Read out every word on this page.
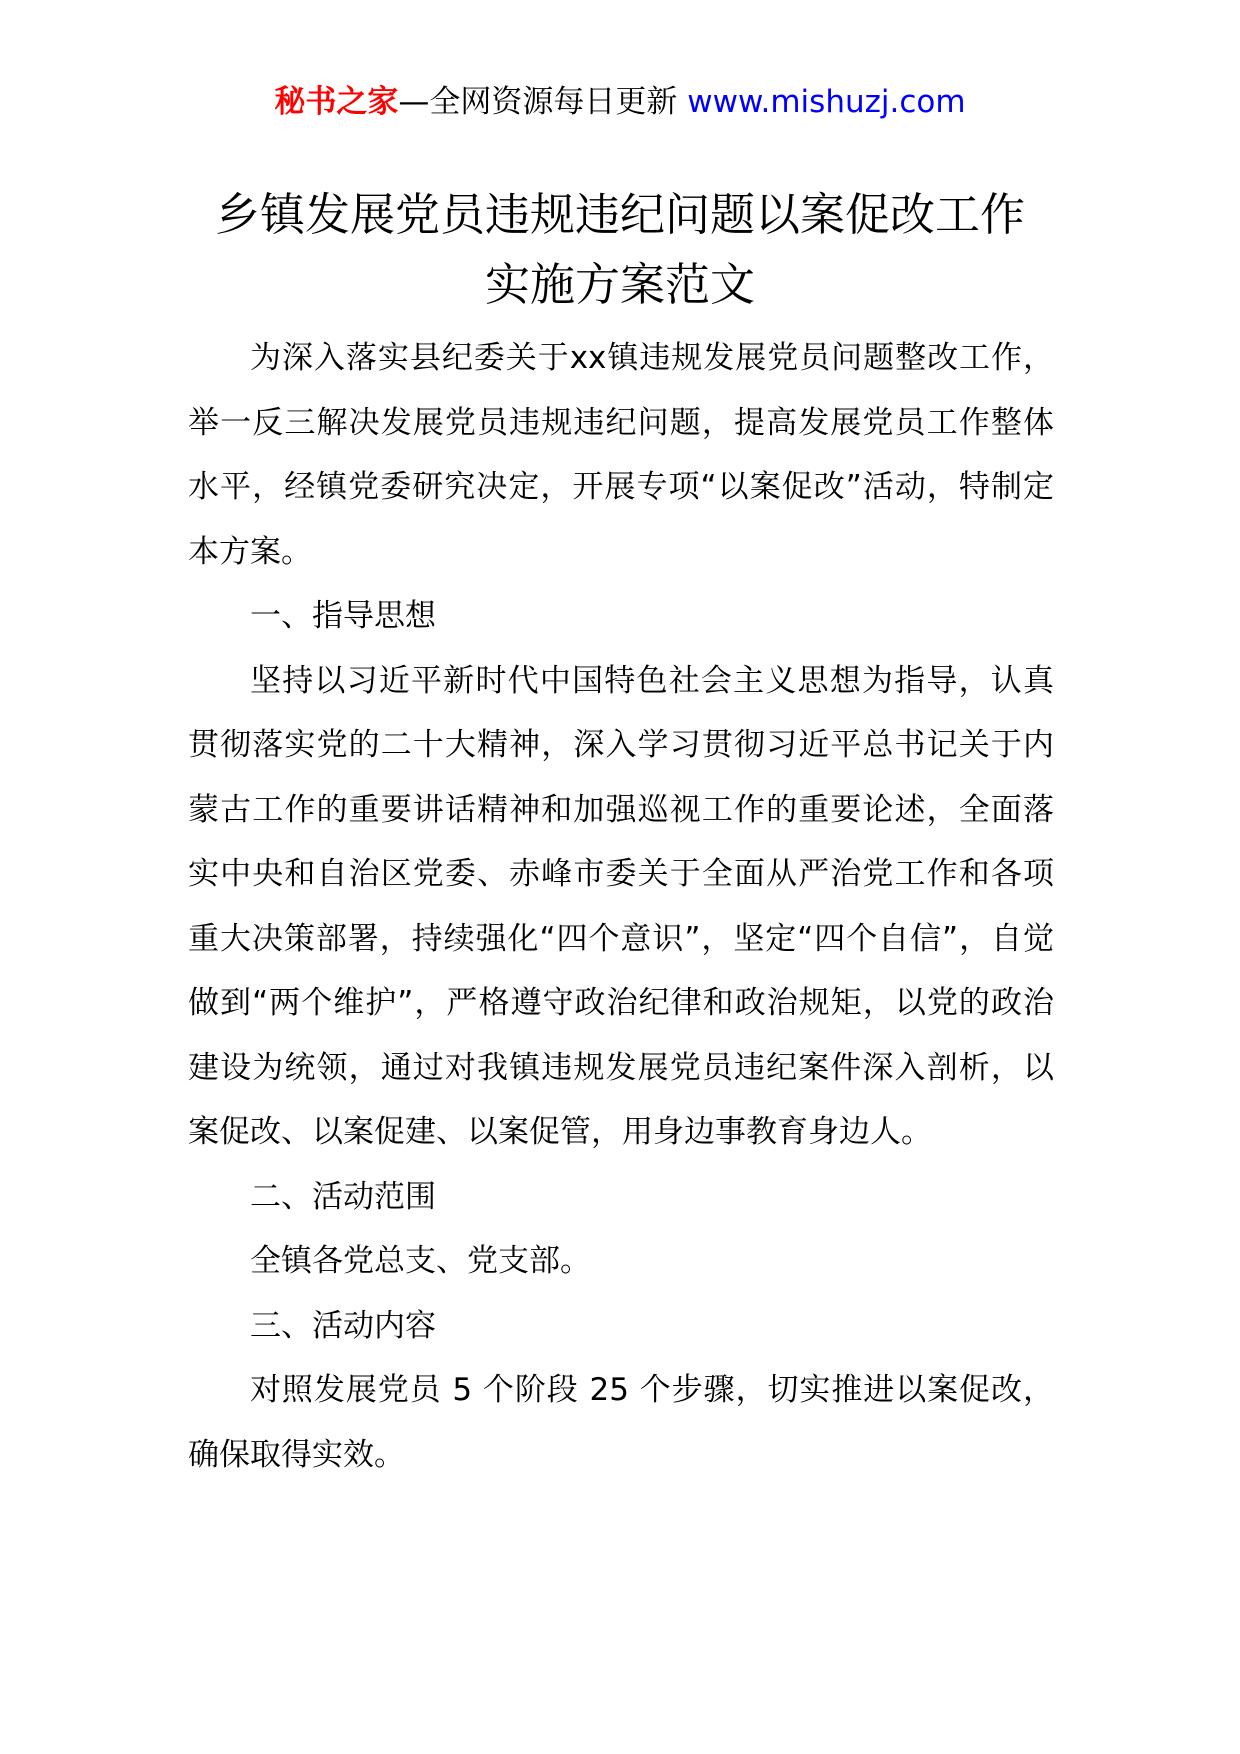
秘书之家—全网资源每日更新 www.mishuzj.com
乡镇发展党员违规违纪问题以案促改工作
实施方案范文

为深入落实县纪委关于xx镇违规发展党员问题整改工作，举一反三解决发展党员违规违纪问题，提高发展党员工作整体水平，经镇党委研究决定，开展专项“以案促改”活动，特制定本方案。

一、指导思想

坚持以习近平新时代中国特色社会主义思想为指导，认真贯彻落实党的二十大精神，深入学习贯彻习近平总书记关于内蒙古工作的重要讲话精神和加强巡视工作的重要论述，全面落实中央和自治区党委、赤峰市委关于全面从严治党工作和各项重大决策部署，持续强化“四个意识”，坚定“四个自信”，自觉做到“两个维护”，严格遵守政治纪律和政治规矩，以党的政治建设为统领，通过对我镇违规发展党员违纪案件深入剖析，以案促改、以案促建、以案促管，用身边事教育身边人。

二、活动范围

全镇各党总支、党支部。

三、活动内容

对照发展党员 5 个阶段 25 个步骤，切实推进以案促改，确保取得实效。
